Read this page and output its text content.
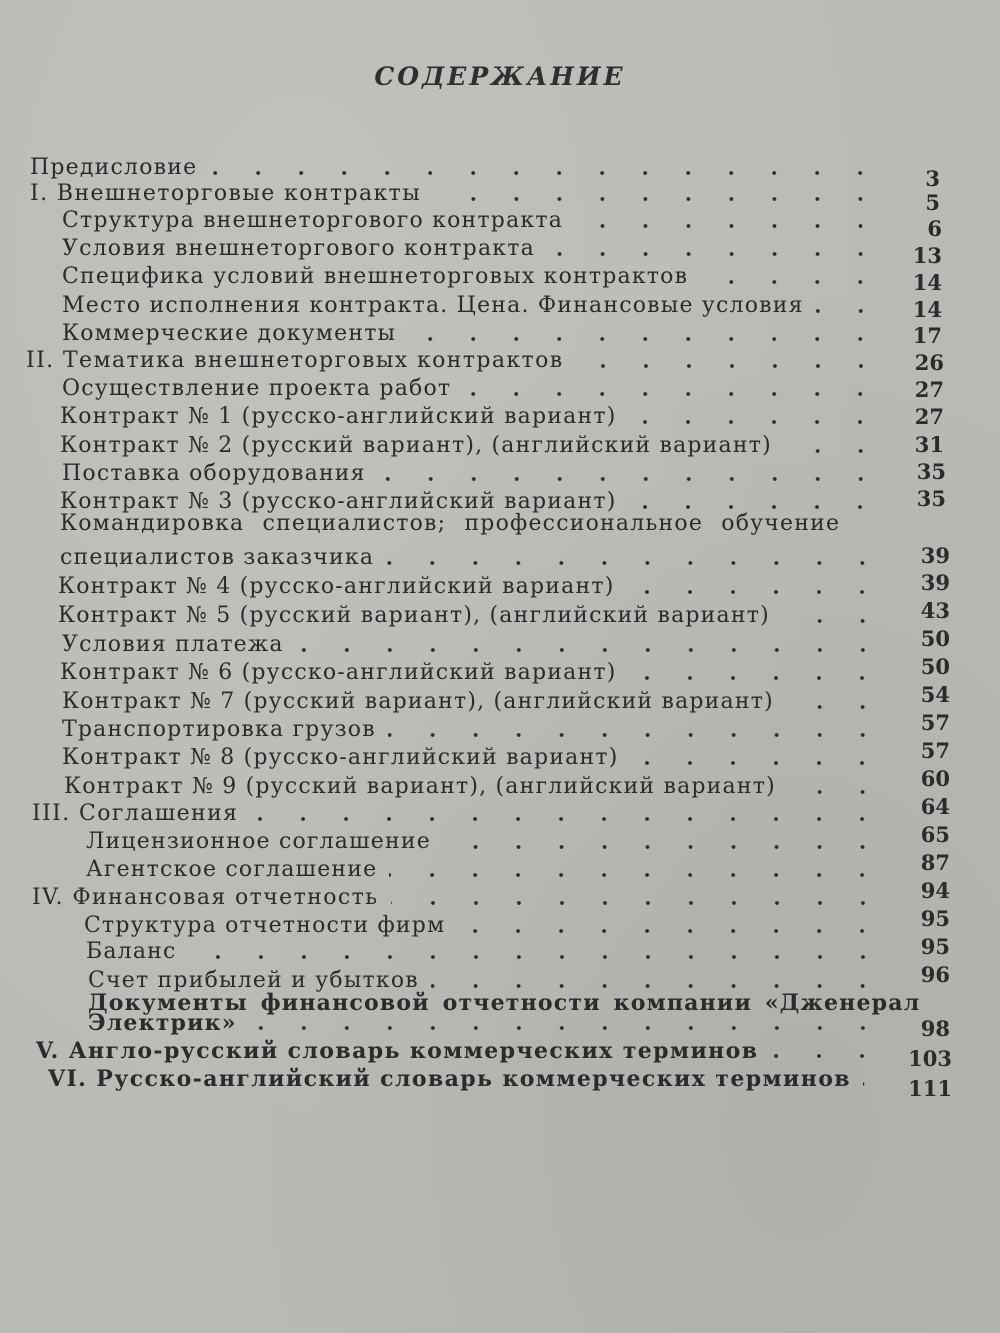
СОДЕРЖАНИЕ
Предисловие	3
I. Внешнеторговые контракты	5
Структура внешнеторгового контракта	6
Условия внешнеторгового контракта	13
Специфика условий внешнеторговых контрактов	14
Место исполнения контракта. Цена. Финансовые условия	14
Коммерческие документы	17
II. Тематика внешнеторговых контрактов	26
Осуществление проекта работ	27
Контракт № 1 (русско-английский вариант)	27
Контракт № 2 (русский вариант), (английский вариант)	31
Поставка оборудования	35
Контракт № 3 (русско-английский вариант)	35
Командировка специалистов; профессиональное обучение
специалистов заказчика	39
Контракт № 4 (русско-английский вариант)	39
Контракт № 5 (русский вариант), (английский вариант)	43
Условия платежа	50
Контракт № 6 (русско-английский вариант)	50
Контракт № 7 (русский вариант), (английский вариант)	54
Транспортировка грузов	57
Контракт № 8 (русско-английский вариант)	57
Контракт № 9 (русский вариант), (английский вариант)	60
III. Соглашения	64
Лицензионное соглашение	65
Агентское соглашение	87
IV. Финансовая отчетность	94
Структура отчетности фирм	95
Баланс	95
Счет прибылей и убытков	96
Документы финансовой отчетности компании «Дженерал
Электрик»	98
V. Англо-русский словарь коммерческих терминов	103
VI. Русско-английский словарь коммерческих терминов	111
